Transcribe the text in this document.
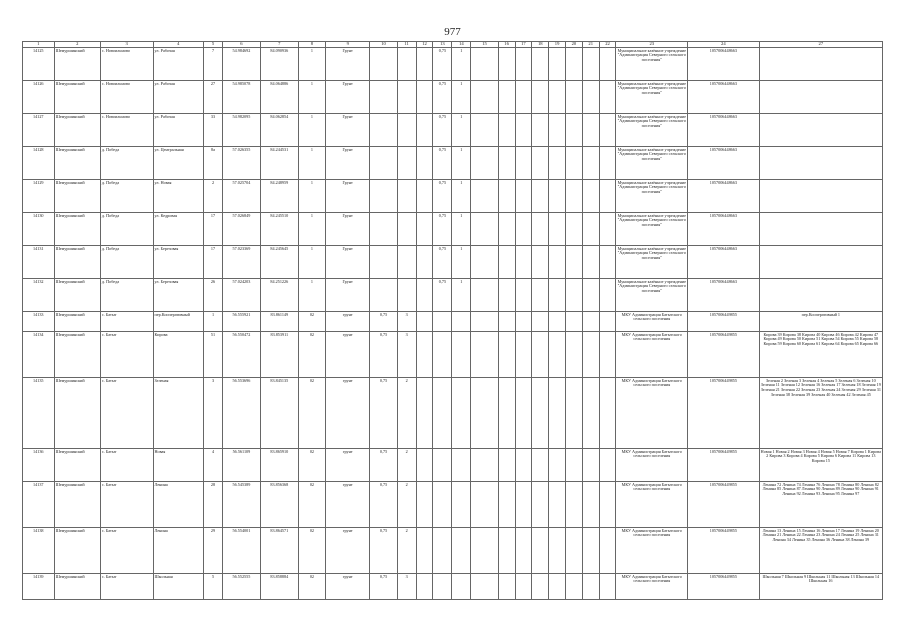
977
1	2	3	4	5	6	7	8	9	10	11	12	13	14	15	16	17	18	19	20	21	22	23	24	27
14125	Шемуршинский	с. Новоильмово	ул. Рабочая	7	54.984692	84.090936	1	Грунт				0,75	1									Муниципальное казённое учреждение "Администрация Северного сельского поселения"	1057006448663	
14126	Шемуршинский	с. Новоильмово	ул. Рабочая	27	54.985078	84.064886	1	Грунт				0,75	1									Муниципальное казённое учреждение "Администрация Северного сельского поселения"	1057006448663	
14127	Шемуршинский	с. Новоильмово	ул. Рабочая	33	54.982095	84.062854	1	Грунт				0,75	1									Муниципальное казённое учреждение "Администрация Северного сельского поселения"	1057006448663	
14128	Шемуршинский	д. Победа	ул. Центральная	8а	57.026355	84.244531	1	Грунт				0,75	1									Муниципальное казённое учреждение "Администрация Северного сельского поселения"	1057006448663	
14129	Шемуршинский	д. Победа	ул. Новая	2	57.025704	84.248959	1	Грунт				0,75	1									Муниципальное казённое учреждение "Администрация Северного сельского поселения"	1057006448663	
14130	Шемуршинский	д. Победа	ул. Кедровая	17	57.026849	84.245510	1	Грунт				0,75	1									Муниципальное казённое учреждение "Администрация Северного сельского поселения"	1057006448663	
14131	Шемуршинский	д. Победа	ул. Березовая	17	57.023369	84.245645	1	Грунт				0,75	1									Муниципальное казённое учреждение "Администрация Северного сельского поселения"	1057006448663	
14132	Шемуршинский	д. Победа	ул. Березовая	26	57.024203	84.251226	1	Грунт				0,75	1									Муниципальное казённое учреждение "Администрация Северного сельского поселения"	1057006448663	
14133	Шемуршинский	с. Батыт	пер.Кооперативный	1	56.555921	83.861149	02	грунт	0,75	3												МКУ Администрация Батытского сельского поселения	1057006449855	пер.Кооперативный 1
14134	Шемуршинский	с. Батыт	Кирова	51	56.550472	83.853911	02	грунт	0,75	3												МКУ Администрация Батытского сельского поселения	1057006449855	Кирова 39 Кирова 38 Кирова 40 Кирова 46 Кирова 42 Кирова 47 Кирова 49 Кирова 50 Кирова 51 Кирова 54 Кирова 55 Кирова 58 Кирова 59 Кирова 60 Кирова 61 Кирова 64 Кирова 65 Кирова 66
14135	Шемуршинский	с. Батыт	Зеленая	3	56.553696	83.845135	02	грунт	0,75	2												МКУ Администрация Батытского сельского поселения	1057006449855	Зеленая 2 Зеленая 3 Зеленая 4 Зеленая 5 Зеленая 6 Зеленая 10 Зеленая 11 Зеленая 12 Зеленая 16 Зеленая 17 Зеленая 18 Зеленая 19 Зеленая 21 Зеленая 22 Зеленая 23 Зеленая 24 Зеленая 29 Зеленая 31 Зеленая 38 Зеленая 39 Зеленая 40 Зеленая 42 Зеленая 45
14136	Шемуршинский	с. Батыт	Новая	4	56.561109	83.865910	02	грунт	0,75	2												МКУ Администрация Батытского сельского поселения	1057006449855	Новая 1 Новая 2 Новая 3 Новая 4 Новая 5 Новая 7 Кирова 1 Кирова 2 Кирова 3 Кирова 4 Кирова 5 Кирова 6 Кирова 11 Кирова 13 Кирова 15
14137	Шемуршинский	с. Батыт	Ленина	28	56.545389	83.856368	02	грунт	0,75	2												МКУ Администрация Батытского сельского поселения	1057006449855	Ленина 72 Ленина 74 Ленина 76 Ленина 78 Ленина 80 Ленина 82 Ленина 85 Ленина 87 Ленина 90 Ленина 89 Ленина 90 Ленина 91 Ленина 92 Ленина 93 Ленина 95 Ленина 97
14138	Шемуршинский	с. Батыт	Ленина	29	56.554001	83.864571	02	грунт	0,75	2												МКУ Администрация Батытского сельского поселения	1057006449855	Ленина 13 Ленина 15 Ленина 16 Ленина 17 Ленина 19 Ленина 20 Ленина 21 Ленина 22 Ленина 23 Ленина 24 Ленина 25 Ленина 31 Ленина 34 Ленина 35 Ленина 36 Ленина 38 Ленина 39
14139	Шемуршинский	с. Батыт	Школьная	5	56.552555	83.858884	02	грунт	0,75	3												МКУ Администрация Батытского сельского поселения	1057006449855	Школьная 7 Школьная 9 Школьная 11 Школьная 13 Школьная 14 Школьная 16
